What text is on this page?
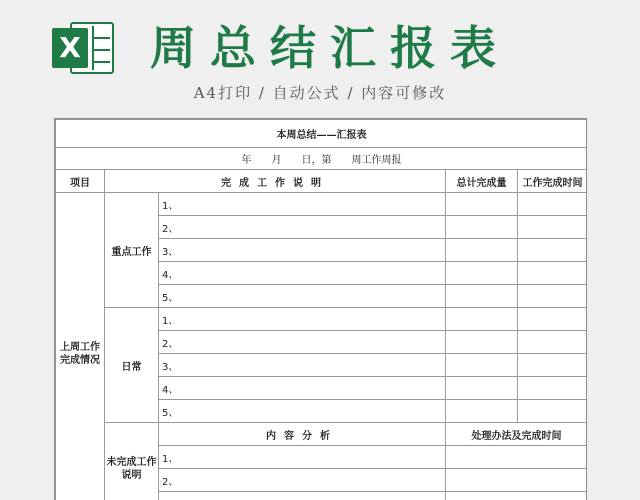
X 周总结汇报表
A4打印 / 自动公式 / 内容可修改
本周总结——汇报表				
年　　月　　日，第　　周工作周报				
项目	完成工作说明		总计完成量	工作完成时间
上周工作完成情况	重点工作	1、		
		2、		
		3、		
		4、		
		5、		
	日常	1、		
		2、		
		3、		
		4、		
		5、		
	未完成工作说明	内容分析	处理办法及完成时间	
		1、		
		2、		
